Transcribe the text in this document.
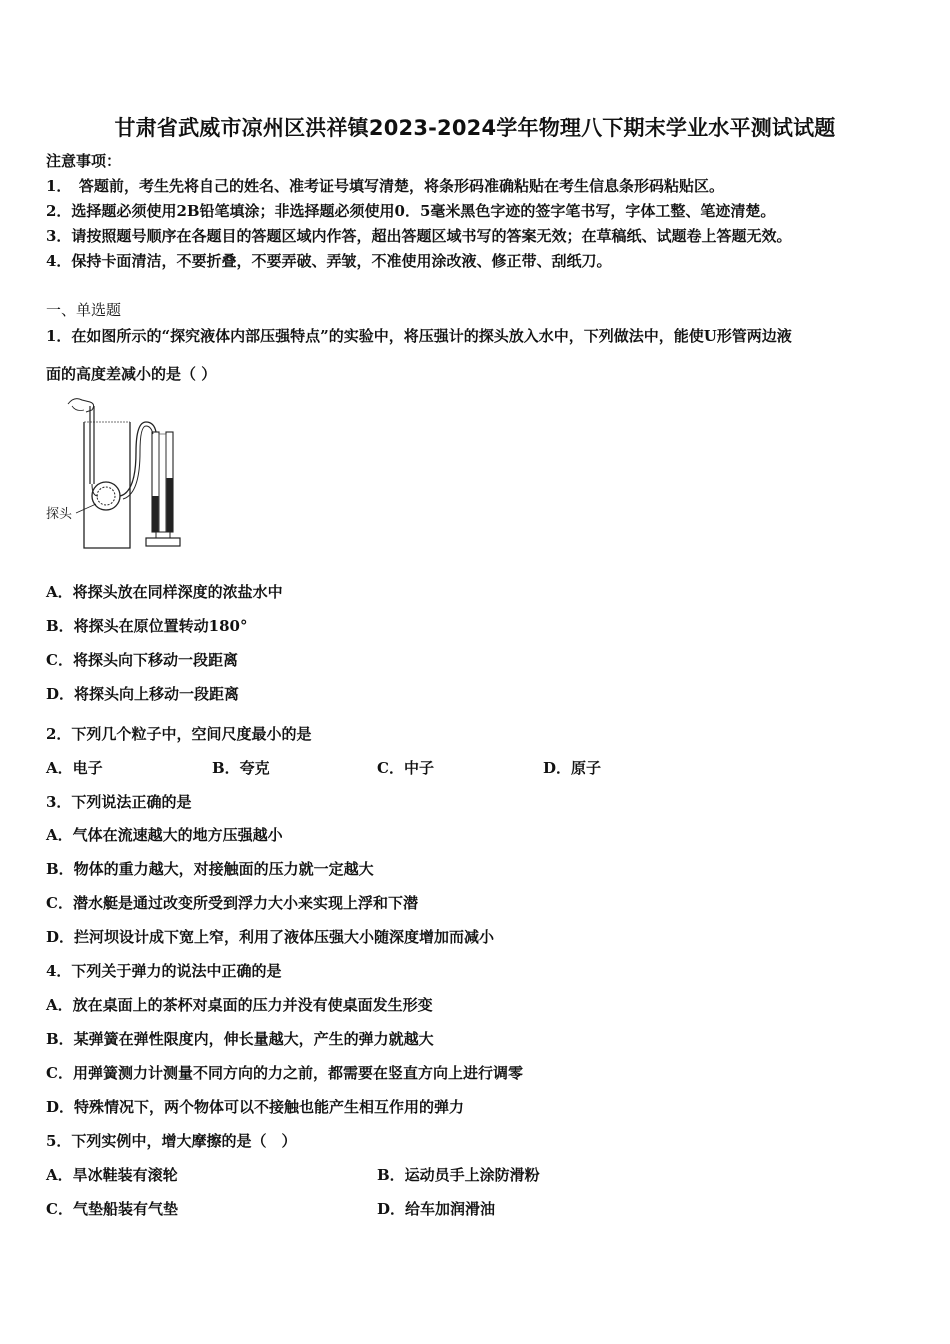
甘肃省武威市凉州区洪祥镇2023-2024学年物理八下期末学业水平测试试题
注意事项：
1．　答题前，考生先将自己的姓名、准考证号填写清楚，将条形码准确粘贴在考生信息条形码粘贴区。
2．选择题必须使用2B铅笔填涂；非选择题必须使用0．5毫米黑色字迹的签字笔书写，字体工整、笔迹清楚。
3．请按照题号顺序在各题目的答题区域内作答，超出答题区域书写的答案无效；在草稿纸、试题卷上答题无效。
4．保持卡面清洁，不要折叠，不要弄破、弄皱，不准使用涂改液、修正带、刮纸刀。
一、单选题
1．在如图所示的“探究液体内部压强特点”的实验中，将压强计的探头放入水中，下列做法中，能使U形管两边液
面的高度差减小的是（ ）
探头
A．将探头放在同样深度的浓盐水中
B．将探头在原位置转动180°
C．将探头向下移动一段距离
D．将探头向上移动一段距离
2．下列几个粒子中，空间尺度最小的是
A．电子	B．夸克	C．中子	D．原子
3．下列说法正确的是
A．气体在流速越大的地方压强越小
B．物体的重力越大，对接触面的压力就一定越大
C．潜水艇是通过改变所受到浮力大小来实现上浮和下潜
D．拦河坝设计成下宽上窄，利用了液体压强大小随深度增加而减小
4．下列关于弹力的说法中正确的是
A．放在桌面上的茶杯对桌面的压力并没有使桌面发生形变
B．某弹簧在弹性限度内，伸长量越大，产生的弹力就越大
C．用弹簧测力计测量不同方向的力之前，都需要在竖直方向上进行调零
D．特殊情况下，两个物体可以不接触也能产生相互作用的弹力
5．下列实例中，增大摩擦的是（　）
A．旱冰鞋装有滚轮	B．运动员手上涂防滑粉
C．气垫船装有气垫	D．给车加润滑油
